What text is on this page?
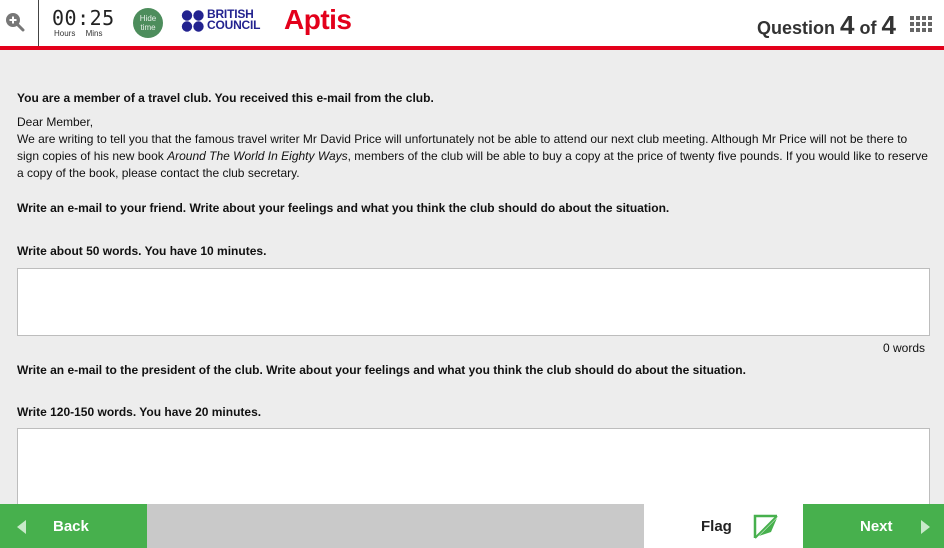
00:25
Hours Mins
Hide time
BRITISH
COUNCIL Aptis	Question 4 of 4

You are a member of a travel club. You received this e-mail from the club.

Dear Member,

We are writing to tell you that the famous travel writer Mr David Price will unfortunately not be able to attend our next club meeting. Although Mr Price will not be there to sign copies of his new book Around The World In Eighty Ways, members of the club will be able to buy a copy at the price of twenty five pounds. If you would like to reserve a copy of the book, please contact the club secretary.

Write an e-mail to your friend. Write about your feelings and what you think the club should do about the situation.

Write about 50 words. You have 10 minutes.

0 words

Write an e-mail to the president of the club. Write about your feelings and what you think the club should do about the situation.

Write 120-150 words. You have 20 minutes.

Back	Flag	Next
